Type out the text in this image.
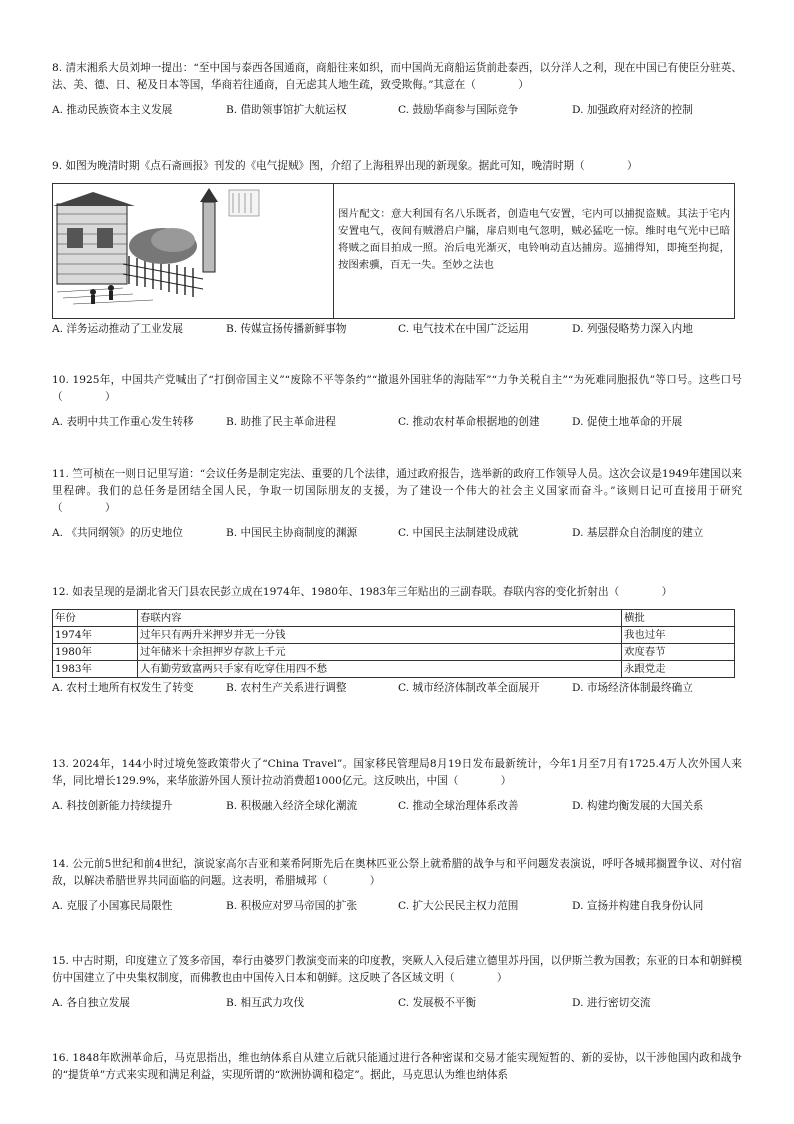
8. 清末湘系大员刘坤一提出：“至中国与泰西各国通商，商船往来如织，而中国尚无商船运货前赴泰西，以分洋人之利，现在中国已有使臣分驻英、法、美、德、日、秘及日本等国，华商若往通商，自无虑其人地生疏，致受欺侮。”其意在（　　　　）

A. 推动民族资本主义发展	B. 借助领事馆扩大航运权	C. 鼓励华商参与国际竞争	D. 加强政府对经济的控制

9. 如图为晚清时期《点石斋画报》刊发的《电气捉贼》图，介绍了上海租界出现的新现象。据此可知，晚清时期（　　　　）

图片配文：意大利国有名八乐既者，创造电气安置，宅内可以捕捉盗贼。其法于宅内安置电气，夜间有贼潜启户牖，扉启则电气忽明，贼必猛吃一惊。维时电气光中已暗将贼之面目拍成一照。治后电光渐灭，电铃响动直达捕房。巡捕得知，即掩至拘捉，按图索骥，百无一失。至妙之法也
A. 洋务运动推动了工业发展	B. 传媒宣扬传播新鲜事物	C. 电气技术在中国广泛运用	D. 列强侵略势力深入内地

10. 1925年，中国共产党喊出了“打倒帝国主义”“废除不平等条约”“撤退外国驻华的海陆军”“力争关税自主”“为死难同胞报仇”等口号。这些口号（　　　　）

A. 表明中共工作重心发生转移	B. 助推了民主革命进程	C. 推动农村革命根据地的创建	D. 促使土地革命的开展

11. 竺可桢在一则日记里写道：“会议任务是制定宪法、重要的几个法律，通过政府报告，选举新的政府工作领导人员。这次会议是1949年建国以来里程碑。我们的总任务是团结全国人民，争取一切国际朋友的支援，为了建设一个伟大的社会主义国家而奋斗。”该则日记可直接用于研究（　　　　）

A. 《共同纲领》的历史地位	B. 中国民主协商制度的渊源	C. 中国民主法制建设成就	D. 基层群众自治制度的建立

12. 如表呈现的是湖北省天门县农民彭立成在1974年、1980年、1983年三年贴出的三副春联。春联内容的变化折射出（　　　　）

年份	春联内容	横批
1974年	过年只有两升米押岁并无一分钱	我也过年
1980年	过年储米十余担押岁存款上千元	欢度春节
1983年	人有勤劳致富两只手家有吃穿住用四不愁	永跟党走
A. 农村土地所有权发生了转变	B. 农村生产关系进行调整	C. 城市经济体制改革全面展开	D. 市场经济体制最终确立

13. 2024年，144小时过境免签政策带火了“China Travel”。国家移民管理局8月19日发布最新统计，今年1月至7月有1725.4万人次外国人来华，同比增长129.9%，来华旅游外国人预计拉动消费超1000亿元。这反映出，中国（　　　　）

A. 科技创新能力持续提升	B. 积极融入经济全球化潮流	C. 推动全球治理体系改善	D. 构建均衡发展的大国关系

14. 公元前5世纪和前4世纪，演说家高尔吉亚和莱希阿斯先后在奥林匹亚公祭上就希腊的战争与和平问题发表演说，呼吁各城邦搁置争议、对付宿敌，以解决希腊世界共同面临的问题。这表明，希腊城邦（　　　　）

A. 克服了小国寡民局限性	B. 积极应对罗马帝国的扩张	C. 扩大公民民主权力范围	D. 宣扬并构建自我身份认同

15. 中古时期，印度建立了笈多帝国，奉行由婆罗门教演变而来的印度教，突厥人入侵后建立德里苏丹国，以伊斯兰教为国教；东亚的日本和朝鲜模仿中国建立了中央集权制度，而佛教也由中国传入日本和朝鲜。这反映了各区域文明（　　　　）

A. 各自独立发展	B. 相互武力攻伐	C. 发展极不平衡	D. 进行密切交流

16. 1848年欧洲革命后，马克思指出，维也纳体系自从建立后就只能通过进行各种密谋和交易才能实现短暂的、新的妥协，以干涉他国内政和战争的“提货单”方式来实现和满足利益，实现所谓的“欧洲协调和稳定”。据此，马克思认为维也纳体系
